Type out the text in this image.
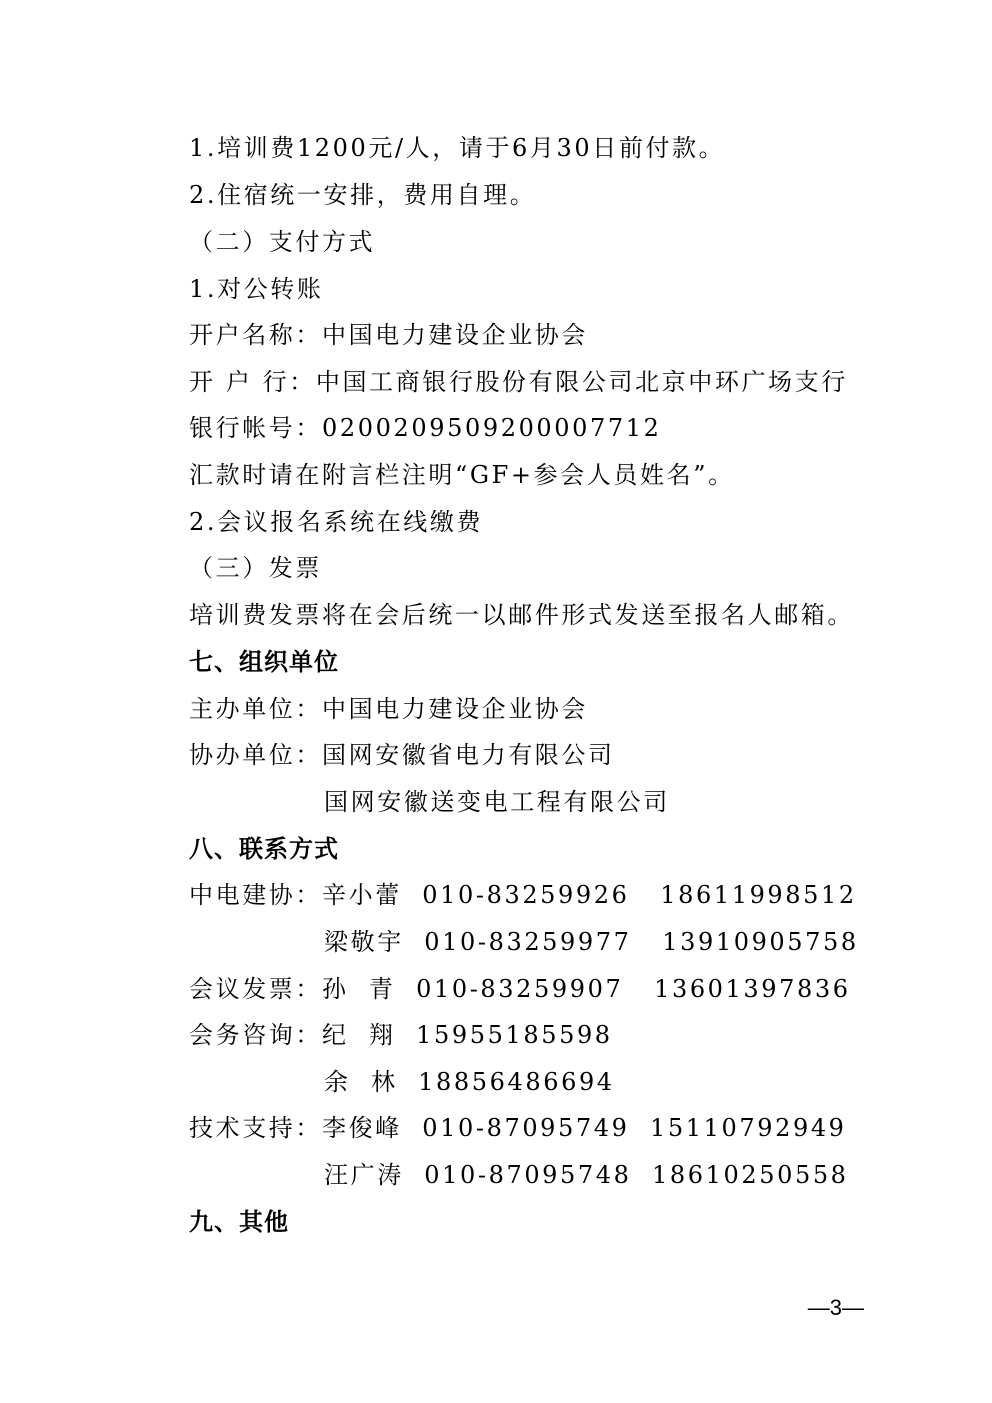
1.培训费1200元/人，请于6月30日前付款。
2.住宿统一安排，费用自理。
（二）支付方式
1.对公转账
开户名称：中国电力建设企业协会
开 户 行：中国工商银行股份有限公司北京中环广场支行
银行帐号：0200209509200007712
汇款时请在附言栏注明“GF+参会人员姓名”。
2.会议报名系统在线缴费
（三）发票
培训费发票将在会后统一以邮件形式发送至报名人邮箱。
七、组织单位
主办单位：中国电力建设企业协会
协办单位：国网安徽省电力有限公司
国网安徽送变电工程有限公司
八、联系方式
中电建协：辛小蕾  010-83259926   18611998512
梁敬宇  010-83259977   13910905758
会议发票：孙  青  010-83259907   13601397836
会务咨询：纪  翔  15955185598
余  林  18856486694
技术支持：李俊峰  010-87095749  15110792949
汪广涛  010-87095748  18610250558
九、其他
—3—
